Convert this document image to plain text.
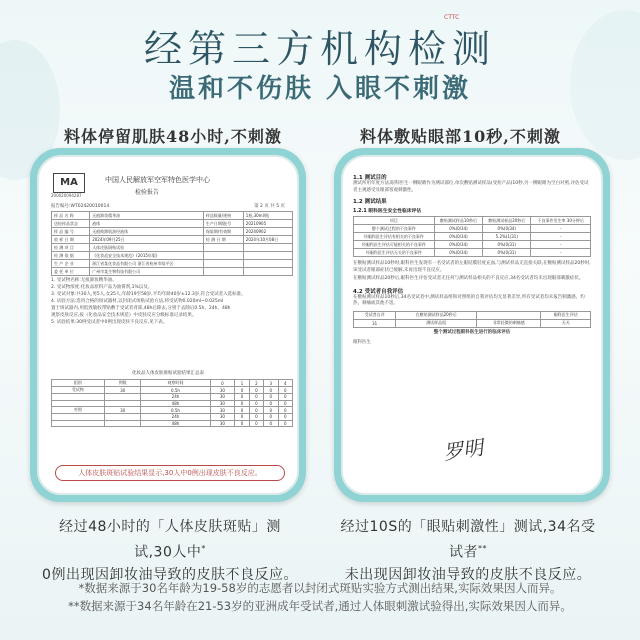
经第三方机构检测
CTTC
温和不伤肤 入眼不刺激
料体停留肌肤48小时,不刺激	料体敷贴眼部10秒,不刺激
MA
200020094287
中国人民解放军空军特色医学中心
检验报告
报告编号:WT02420010014	第 2 页 共 5 页
样 品 名 称	无痕卸妆精华油	样品数量/规格	1瓶,30ml/瓶
送检样品状态	液体	生产日期/批号	20210905
样 品 编 号	无痕换卸肌油经液体	保质期/有效期	20240902
收 样 日 期	2024年09月25日	检 测 日 期	2024年10月08日
检 测 项 目	人体皮肤斑贴试验		
检 测 依 据	《化妆品安全技术规范》(2015年版)		
生 产 企 业	浙江省某化妆品有限公司 浙江省杭州市临平区		
委 托 单 位	广州市某生物科技有限公司		
1. 受试物名称:无痕卸妆精华油。
2. 受试物浓度:化妆品原料产品为油膏剂,1%以及。
3. 受试对象:共30人,男5人,女25人,年龄19至58岁,平均年龄40岁±12.3岁,符合受试者入选标准。
4. 试验方法:选用合格的斑试器材,以封闭式斑贴试验方法,将受试物0.020ml~0.025ml
置于斑试器内,用低致敏胶带贴敷于受试者背部,48h后除去,分别于去除后0.5h、24h、48h
观察皮肤反应,按《化妆品安全技术规范》中皮肤反应分级标准记录结果。
5. 试验结果:30例受试者中0例出现皮肤不良反应,见下表。
化妆品人体皮肤斑贴试验结果汇总表
组别	例数	观察时间	0	1	2	3	4
受试物	30	0.5h	30	0	0	0	0
		24h	30	0	0	0	0
		48h	30	0	0	0	0
对照	30	0.5h	30	0	0	0	0
		24h	30	0	0	0	0
		48h	30	0	0	0	0
人体皮肤斑贴试验结果显示,30人中0例出现皮肤不良反应。
1.1 测试目的

测试所用年度方法,眼科医生一侧眼睛作为测试部位,单次敷贴测试样品(受检产品)10秒,另一侧眼睛为空白对照,评估受试者主观感受及眼部客观刺激性。

1.2 测试结果
1.2.1 眼科医生安全性临床评估
项目	敷贴测试样品10秒后	敷贴测试样品20秒后	不良事件发生率 30分钟后
整个测试过程的不良事件	0%(0/34)	0%(0/34)	-
经眼科医生评估有相关的不良事件	0%(0/34)	5.2%(1/31)	-
经眼科医生评估可能相关的不良事件	0%(0/34)	0%(0/31)	-
经眼科医生评估无关的不良事件	0%(0/34)	0%(0/31)	-

在敷贴测试样品10秒时,眼科医生发现有一名受试者的左眼结膜轻度充血,与测试样品无直接关联,在敷贴测试样品20秒时,该受试者眼部症状已缓解,未再出现不良反应。

在敷贴测试样品20秒后,眼科医生评估受试者无任何与测试样品相关的不良反应,34名受试者均未出现眼部刺激症状。

4.2 受试者自我评估

在敷贴测试样品10秒后,34名受试者中,测试样品组和对照组的自我评估均无显著差异,所有受试者均未报告刺激感、灼热、刺痛或其他不适。

受试者自评	在敷贴测试样品20秒后		眼科医生评估
31	测试样品组	非常轻微的刺痛感	无关

整个测试过程眼科医生进行的临床评估

眼科医生

罗明
经过48小时的「人体皮肤斑贴」测试,30人中*
0例出现因卸妆油导致的皮肤不良反应。
经过10S的「眼贴刺激性」测试,34名受试者**
未出现因卸妆油导致的皮肤不良反应。
*数据来源于30名年龄为19-58岁的志愿者以封闭式斑贴实验方式测出结果,实际效果因人而异。
**数据来源于34名年龄在21-53岁的亚洲成年受试者,通过人体眼刺激试验得出,实际效果因人而异。
